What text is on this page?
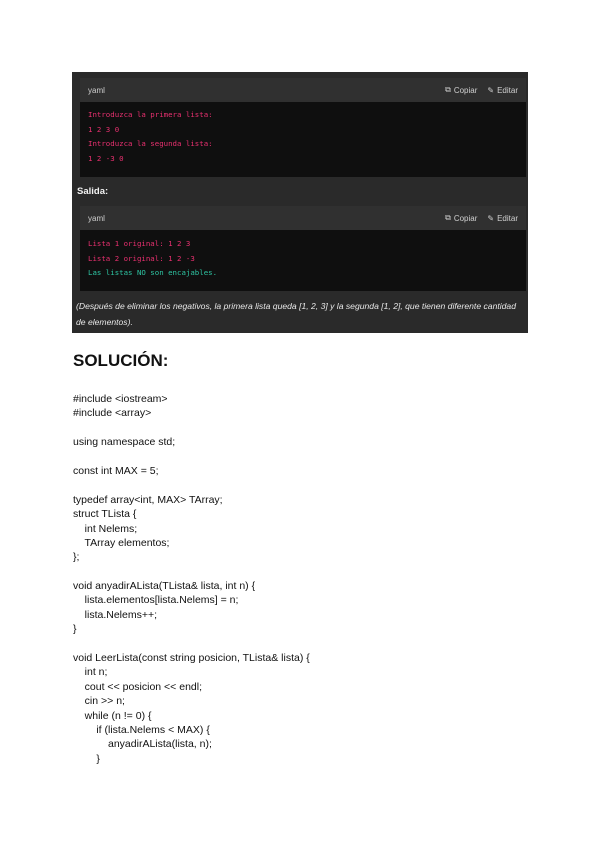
yaml	⧉ Copiar ✎ Editar
Introduzca la primera lista:
1 2 3 0
Introduzca la segunda lista:
1 2 -3 0
Salida:
yaml	⧉ Copiar ✎ Editar
Lista 1 original: 1 2 3
Lista 2 original: 1 2 -3
Las listas NO son encajables.
(Después de eliminar los negativos, la primera lista queda [1, 2, 3] y la segunda [1, 2], que tienen diferente cantidad de elementos).
SOLUCIÓN:
#include <iostream>
#include <array>
using namespace std;
const int MAX = 5;
typedef array<int, MAX> TArray;
struct TLista {
int Nelems;
TArray elementos;
};
void anyadirALista(TLista& lista, int n) {
lista.elementos[lista.Nelems] = n;
lista.Nelems++;
}
void LeerLista(const string posicion, TLista& lista) {
int n;
cout << posicion << endl;
cin >> n;
while (n != 0) {
if (lista.Nelems < MAX) {
anyadirALista(lista, n);
}
